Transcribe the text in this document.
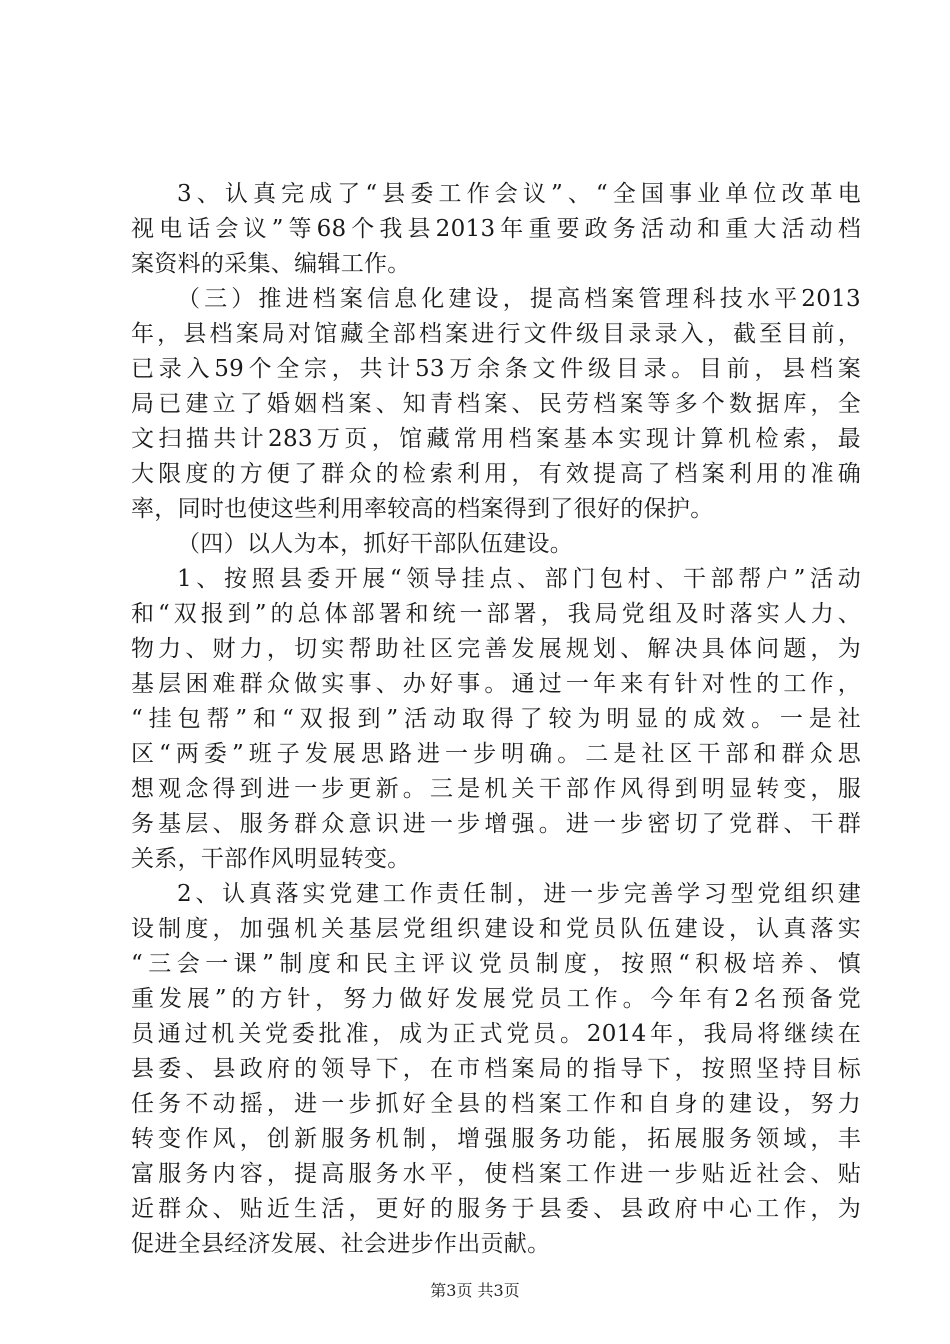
3、认真完成了“县委工作会议”、“全国事业单位改革电
视电话会议”等68个我县2013年重要政务活动和重大活动档
案资料的采集、编辑工作。
（三）推进档案信息化建设，提高档案管理科技水平2013
年，县档案局对馆藏全部档案进行文件级目录录入，截至目前，
已录入59个全宗，共计53万余条文件级目录。目前，县档案
局已建立了婚姻档案、知青档案、民劳档案等多个数据库，全
文扫描共计283万页，馆藏常用档案基本实现计算机检索，最
大限度的方便了群众的检索利用，有效提高了档案利用的准确
率，同时也使这些利用率较高的档案得到了很好的保护。
（四）以人为本，抓好干部队伍建设。
1、按照县委开展“领导挂点、部门包村、干部帮户”活动
和“双报到”的总体部署和统一部署，我局党组及时落实人力、
物力、财力，切实帮助社区完善发展规划、解决具体问题，为
基层困难群众做实事、办好事。通过一年来有针对性的工作，
“挂包帮”和“双报到”活动取得了较为明显的成效。一是社
区“两委”班子发展思路进一步明确。二是社区干部和群众思
想观念得到进一步更新。三是机关干部作风得到明显转变，服
务基层、服务群众意识进一步增强。进一步密切了党群、干群
关系，干部作风明显转变。
2、认真落实党建工作责任制，进一步完善学习型党组织建
设制度，加强机关基层党组织建设和党员队伍建设，认真落实
“三会一课”制度和民主评议党员制度，按照“积极培养、慎
重发展”的方针，努力做好发展党员工作。今年有2名预备党
员通过机关党委批准，成为正式党员。2014年，我局将继续在
县委、县政府的领导下，在市档案局的指导下，按照坚持目标
任务不动摇，进一步抓好全县的档案工作和自身的建设，努力
转变作风，创新服务机制，增强服务功能，拓展服务领域，丰
富服务内容，提高服务水平，使档案工作进一步贴近社会、贴
近群众、贴近生活，更好的服务于县委、县政府中心工作，为
促进全县经济发展、社会进步作出贡献。
第3页 共3页
